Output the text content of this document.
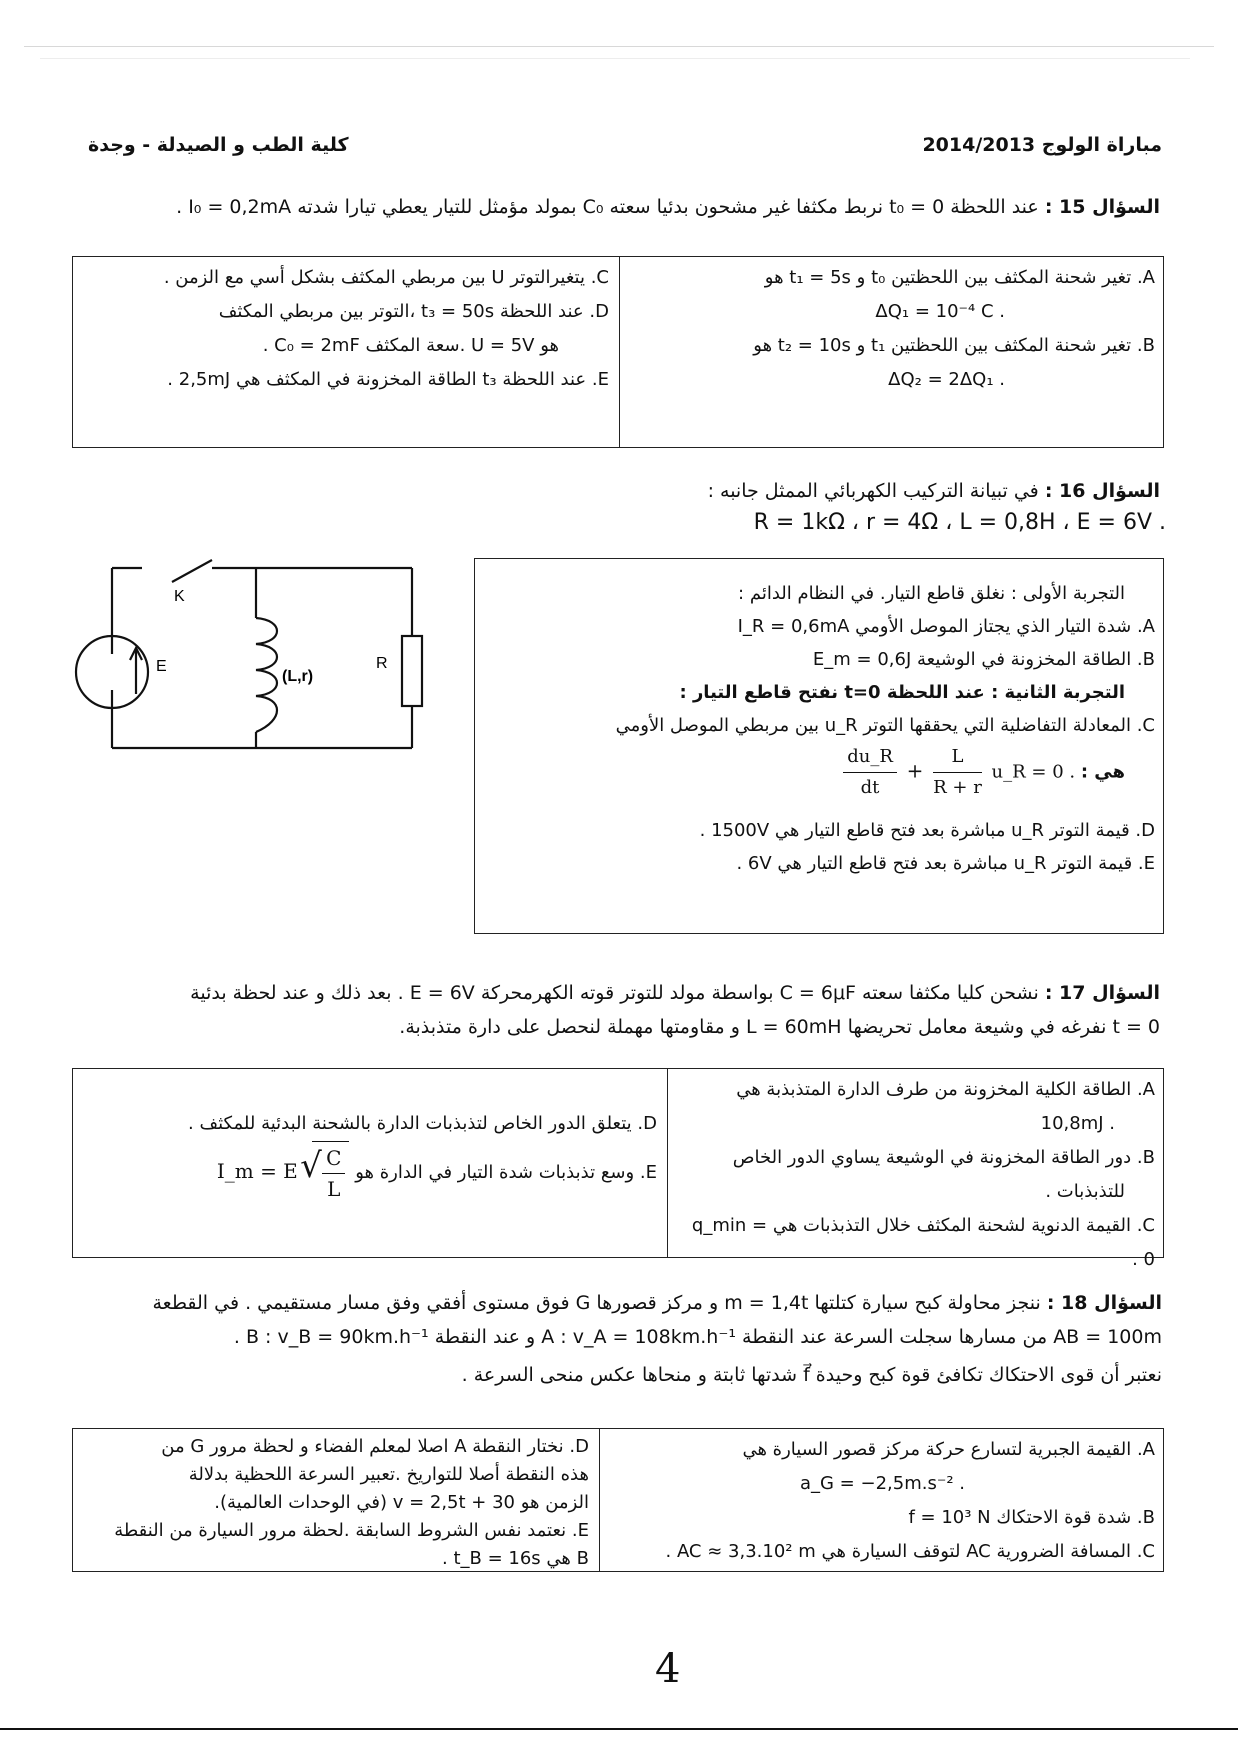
كلية الطب و الصيدلة - وجدة	مباراة الولوج 2014/2013
السؤال 15 : عند اللحظة t₀ = 0 نربط مكثفا غير مشحون بدئيا سعته C₀ بمولد مؤمثل للتيار يعطي تيارا شدته I₀ = 0,2mA .
A. تغير شحنة المكثف بين اللحظتين t₀ و t₁ = 5s هو
. ΔQ₁ = 10⁻⁴ C
B. تغير شحنة المكثف بين اللحظتين t₁ و t₂ = 10s هو
. ΔQ₂ = 2ΔQ₁
C. يتغيرالتوتر U بين مربطي المكثف بشكل أسي مع الزمن .
D. عند اللحظة t₃ = 50s ،التوتر بين مربطي المكثف
هو U = 5V .سعة المكثف C₀ = 2mF .
E. عند اللحظة t₃ الطاقة المخزونة في المكثف هي 2,5mJ .
السؤال 16 : في تبيانة التركيب الكهربائي الممثل جانبه :
. R = 1kΩ ، r = 4Ω ، L = 0,8H ، E = 6V
K
E
(L,r)
R
التجربة الأولى : نغلق قاطع التيار. في النظام الدائم :
A. شدة التيار الذي يجتاز الموصل الأومي I_R = 0,6mA
B. الطاقة المخزونة في الوشيعة E_m = 0,6J
التجربة الثانية : عند اللحظة t=0 نفتح قاطع التيار :
C. المعادلة التفاضلية التي يحققها التوتر u_R بين مربطي الموصل الأومي
هي :
$\frac{du\_R}{dt} + \frac{L}{R + r}$ u_R = 0 .
D. قيمة التوتر u_R مباشرة بعد فتح قاطع التيار هي 1500V .
E. قيمة التوتر u_R مباشرة بعد فتح قاطع التيار هي 6V .
السؤال 17 : نشحن كليا مكثفا سعته C = 6μF بواسطة مولد للتوتر قوته الكهرمحركة E = 6V . بعد ذلك و عند لحظة بدئية
t = 0 نفرغه في وشيعة معامل تحريضها L = 60mH و مقاومتها مهملة لنحصل على دارة متذبذبة.
A. الطاقة الكلية المخزونة من طرف الدارة المتذبذبة هي
. 10,8mJ
B. دور الطاقة المخزونة في الوشيعة يساوي الدور الخاص
للتذبذبات .
C. القيمة الدنوية لشحنة المكثف خلال التذبذبات هي q_min = 0 .
D. يتعلق الدور الخاص لتذبذبات الدارة بالشحنة البدئية للمكثف .
E. وسع تذبذبات شدة التيار في الدارة هو I_m = E √ $\frac{C}{L}$
السؤال 18 : ننجز محاولة كبح سيارة كتلتها m = 1,4t و مركز قصورها G فوق مستوى أفقي وفق مسار مستقيمي . في القطعة
AB = 100m من مسارها سجلت السرعة عند النقطة A : v_A = 108km.h⁻¹ و عند النقطة B : v_B = 90km.h⁻¹ .
نعتبر أن قوى الاحتكاك تكافئ قوة كبح وحيدة f⃗ شدتها ثابتة و منحاها عكس منحى السرعة .
A. القيمة الجبرية لتسارع حركة مركز قصور السيارة هي
. a_G = −2,5m.s⁻²
B. شدة قوة الاحتكاك f = 10³ N
C. المسافة الضرورية AC لتوقف السيارة هي AC ≈ 3,3.10² m .
D. نختار النقطة A اصلا لمعلم الفضاء و لحظة مرور G من
هذه النقطة أصلا للتواريخ .تعبير السرعة اللحظية بدلالة
الزمن هو v = 2,5t + 30 (في الوحدات العالمية).
E. نعتمد نفس الشروط السابقة .لحظة مرور السيارة من النقطة
B هي t_B = 16s .
4
